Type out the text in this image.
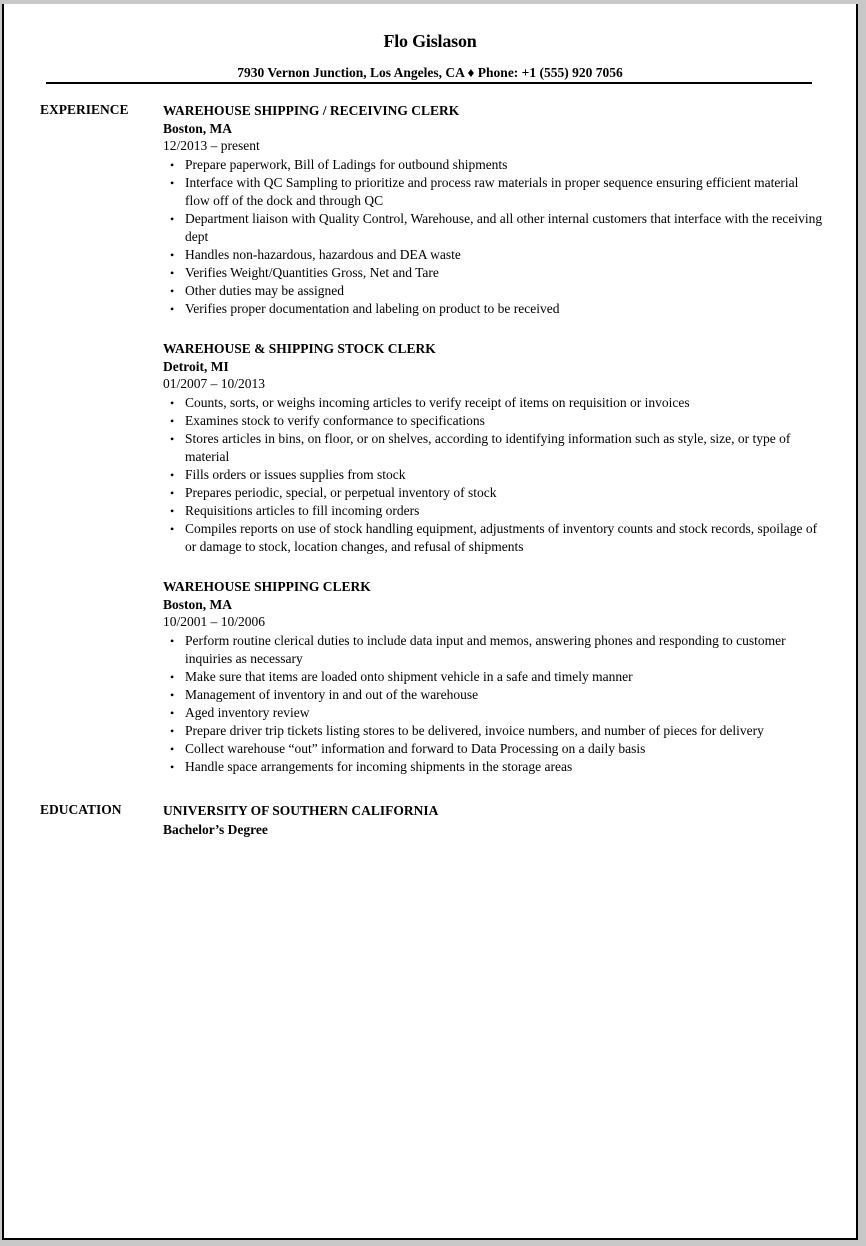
Flo Gislason
7930 Vernon Junction, Los Angeles, CA ♦ Phone: +1 (555) 920 7056
EXPERIENCE	WAREHOUSE SHIPPING / RECEIVING CLERK
Boston, MA
12/2013 – present
• Prepare paperwork, Bill of Ladings for outbound shipments
• Interface with QC Sampling to prioritize and process raw materials in proper sequence ensuring efficient material flow off of the dock and through QC
• Department liaison with Quality Control, Warehouse, and all other internal customers that interface with the receiving dept
• Handles non-hazardous, hazardous and DEA waste
• Verifies Weight/Quantities Gross, Net and Tare
• Other duties may be assigned
• Verifies proper documentation and labeling on product to be received
WAREHOUSE & SHIPPING STOCK CLERK
Detroit, MI
01/2007 – 10/2013
• Counts, sorts, or weighs incoming articles to verify receipt of items on requisition or invoices
• Examines stock to verify conformance to specifications
• Stores articles in bins, on floor, or on shelves, according to identifying information such as style, size, or type of material
• Fills orders or issues supplies from stock
• Prepares periodic, special, or perpetual inventory of stock
• Requisitions articles to fill incoming orders
• Compiles reports on use of stock handling equipment, adjustments of inventory counts and stock records, spoilage of or damage to stock, location changes, and refusal of shipments
WAREHOUSE SHIPPING CLERK
Boston, MA
10/2001 – 10/2006
• Perform routine clerical duties to include data input and memos, answering phones and responding to customer inquiries as necessary
• Make sure that items are loaded onto shipment vehicle in a safe and timely manner
• Management of inventory in and out of the warehouse
• Aged inventory review
• Prepare driver trip tickets listing stores to be delivered, invoice numbers, and number of pieces for delivery
• Collect warehouse “out” information and forward to Data Processing on a daily basis
• Handle space arrangements for incoming shipments in the storage areas
EDUCATION	UNIVERSITY OF SOUTHERN CALIFORNIA
Bachelor’s Degree
